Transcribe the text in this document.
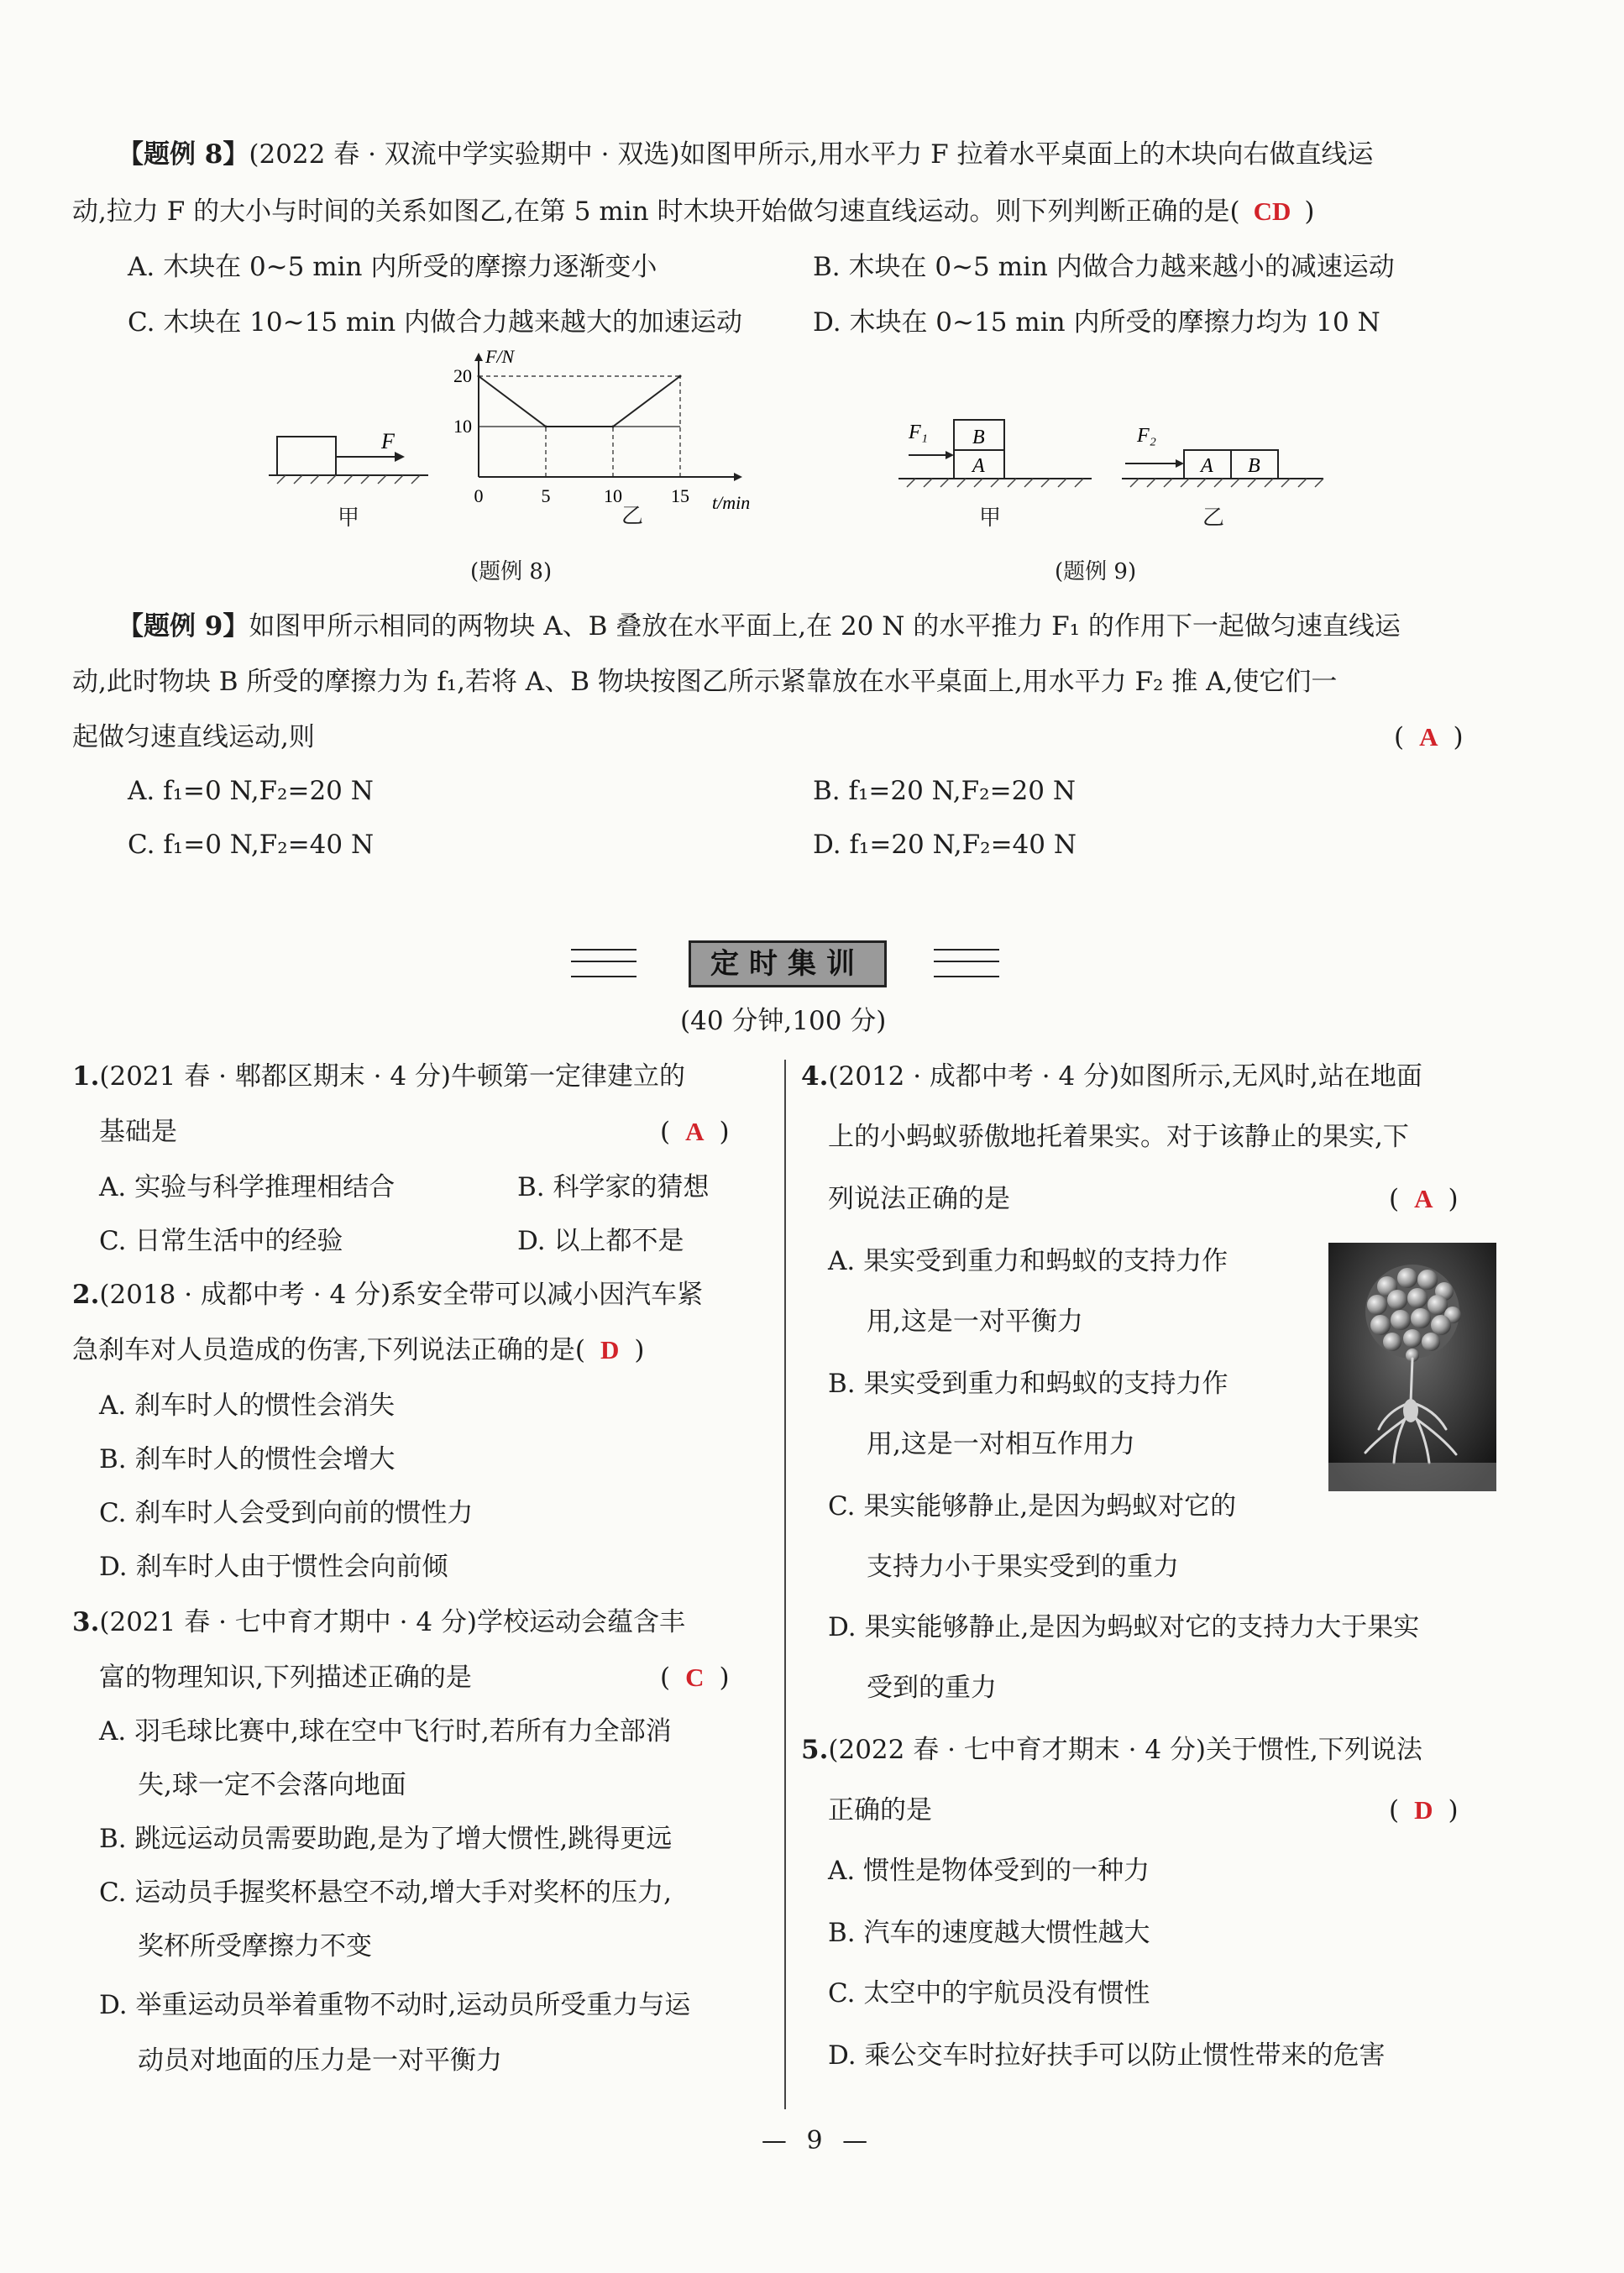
【题例 8】(2022 春 · 双流中学实验期中 · 双选)如图甲所示,用水平力 F 拉着水平桌面上的木块向右做直线运
动,拉力 F 的大小与时间的关系如图乙,在第 5 min 时木块开始做匀速直线运动。则下列判断正确的是( CD )
A. 木块在 0~5 min 内所受的摩擦力逐渐变小	B. 木块在 0~5 min 内做合力越来越小的减速运动
C. 木块在 10~15 min 内做合力越来越大的加速运动	D. 木块在 0~15 min 内所受的摩擦力均为 10 N
F
甲
F/N
t/min
20
10
0	5	10	15
乙
(题例 8)
F₁ B
A
甲
F₂
A B
乙
(题例 9)
【题例 9】如图甲所示相同的两物块 A、B 叠放在水平面上,在 20 N 的水平推力 F₁ 的作用下一起做匀速直线运
动,此时物块 B 所受的摩擦力为 f₁,若将 A、B 物块按图乙所示紧靠放在水平桌面上,用水平力 F₂ 推 A,使它们一
起做匀速直线运动,则	( A )
A. f₁=0 N,F₂=20 N	B. f₁=20 N,F₂=20 N
C. f₁=0 N,F₂=40 N	D. f₁=20 N,F₂=40 N
定时集训
(40 分钟,100 分)
1.(2021 春 · 郫都区期末 · 4 分)牛顿第一定律建立的
基础是	( A )
A. 实验与科学推理相结合	B. 科学家的猜想
C. 日常生活中的经验	D. 以上都不是
2.(2018 · 成都中考 · 4 分)系安全带可以减小因汽车紧
急刹车对人员造成的伤害,下列说法正确的是( D )
A. 刹车时人的惯性会消失
B. 刹车时人的惯性会增大
C. 刹车时人会受到向前的惯性力
D. 刹车时人由于惯性会向前倾
3.(2021 春 · 七中育才期中 · 4 分)学校运动会蕴含丰
富的物理知识,下列描述正确的是	( C )
A. 羽毛球比赛中,球在空中飞行时,若所有力全部消
失,球一定不会落向地面
B. 跳远运动员需要助跑,是为了增大惯性,跳得更远
C. 运动员手握奖杯悬空不动,增大手对奖杯的压力,
奖杯所受摩擦力不变
D. 举重运动员举着重物不动时,运动员所受重力与运
动员对地面的压力是一对平衡力
4.(2012 · 成都中考 · 4 分)如图所示,无风时,站在地面
上的小蚂蚁骄傲地托着果实。对于该静止的果实,下
列说法正确的是	( A )
A. 果实受到重力和蚂蚁的支持力作
用,这是一对平衡力
B. 果实受到重力和蚂蚁的支持力作
用,这是一对相互作用力
C. 果实能够静止,是因为蚂蚁对它的
支持力小于果实受到的重力
D. 果实能够静止,是因为蚂蚁对它的支持力大于果实
受到的重力
5.(2022 春 · 七中育才期末 · 4 分)关于惯性,下列说法
正确的是	( D )
A. 惯性是物体受到的一种力
B. 汽车的速度越大惯性越大
C. 太空中的宇航员没有惯性
D. 乘公交车时拉好扶手可以防止惯性带来的危害
— 9 —
